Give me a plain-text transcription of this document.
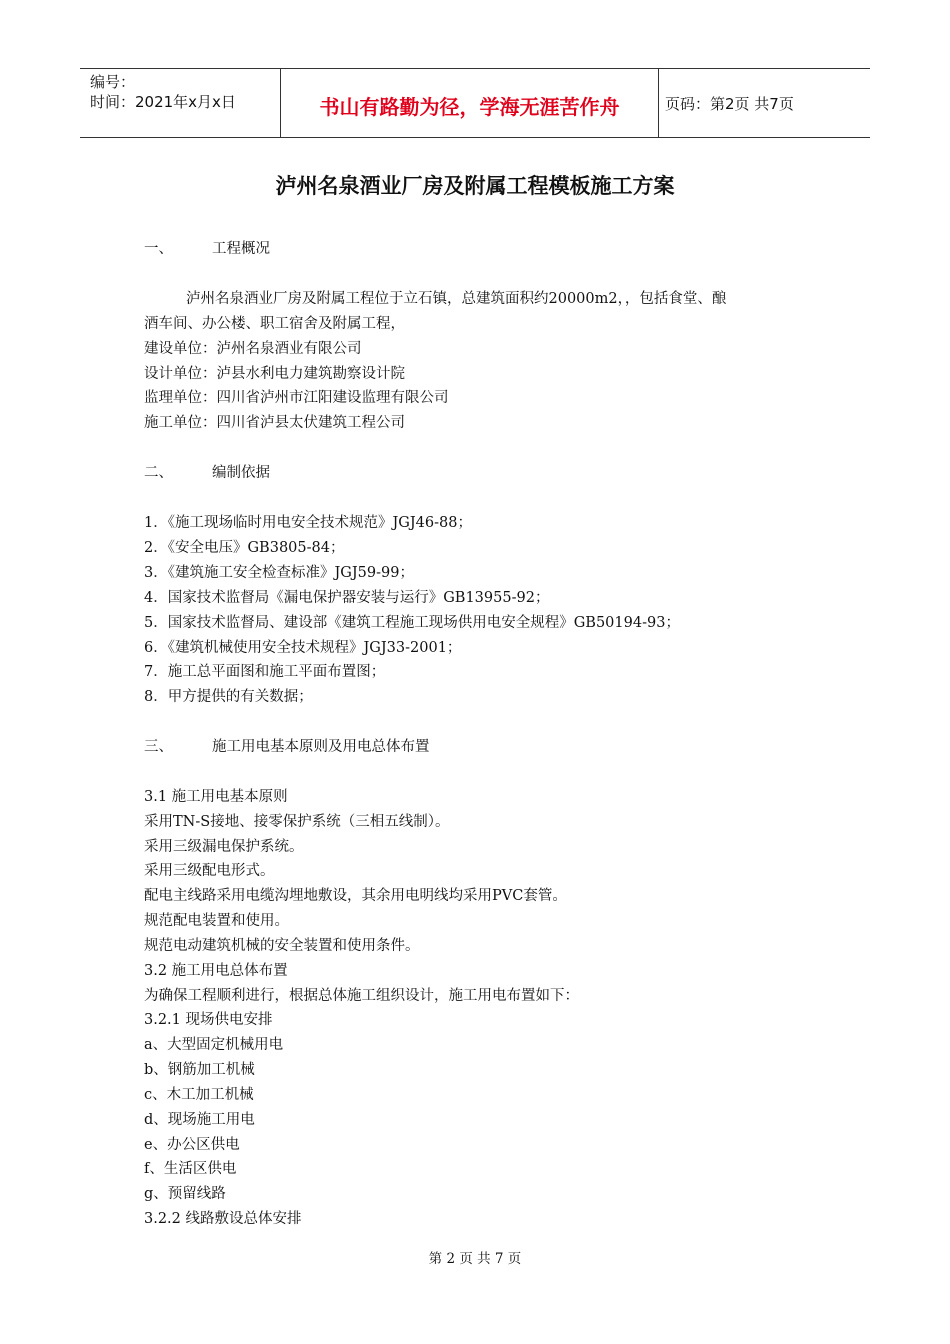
编号：
时间：2021年x月x日	书山有路勤为径，学海无涯苦作舟	页码：第2页 共7页
泸州名泉酒业厂房及附属工程模板施工方案
一、	工程概况
泸州名泉酒业厂房及附属工程位于立石镇，总建筑面积约20000m2，，包括食堂、酿
酒车间、办公楼、职工宿舍及附属工程，
建设单位：泸州名泉酒业有限公司
设计单位：泸县水利电力建筑勘察设计院
监理单位：四川省泸州市江阳建设监理有限公司
施工单位：四川省泸县太伏建筑工程公司
二、	编制依据
1．《施工现场临时用电安全技术规范》JGJ46-88；
2．《安全电压》GB3805-84；
3．《建筑施工安全检查标准》JGJ59-99；
4．国家技术监督局《漏电保护器安装与运行》GB13955-92；
5．国家技术监督局、建设部《建筑工程施工现场供用电安全规程》GB50194-93；
6．《建筑机械使用安全技术规程》JGJ33-2001；
7．施工总平面图和施工平面布置图；
8．甲方提供的有关数据；
三、	施工用电基本原则及用电总体布置
3.1 施工用电基本原则
采用TN-S接地、接零保护系统（三相五线制）。
采用三级漏电保护系统。
采用三级配电形式。
配电主线路采用电缆沟埋地敷设，其余用电明线均采用PVC套管。
规范配电装置和使用。
规范电动建筑机械的安全装置和使用条件。
3.2 施工用电总体布置
为确保工程顺利进行，根据总体施工组织设计，施工用电布置如下：
3.2.1 现场供电安排
a、大型固定机械用电
b、钢筋加工机械
c、木工加工机械
d、现场施工用电
e、办公区供电
f、生活区供电
g、预留线路
3.2.2 线路敷设总体安排
第 2 页 共 7 页
